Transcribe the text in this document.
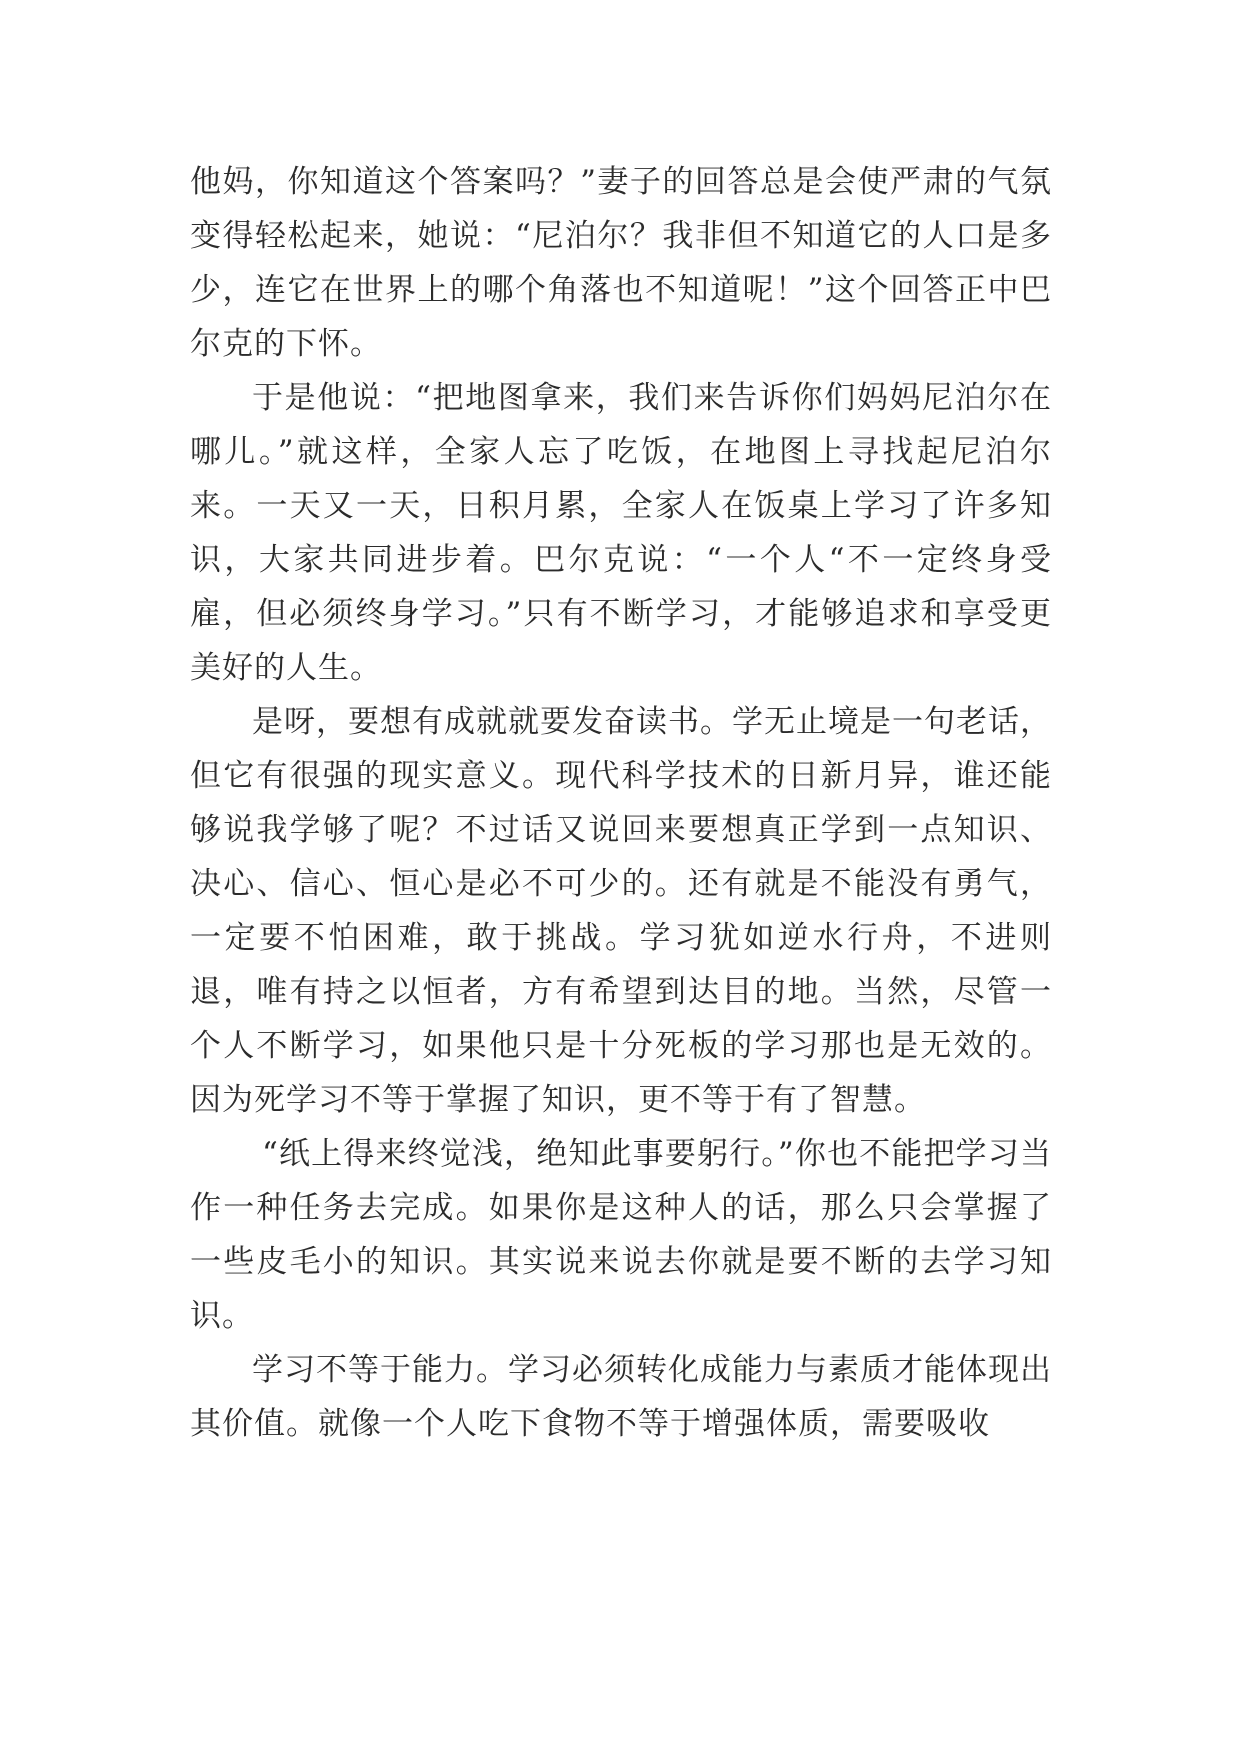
他妈，你知道这个答案吗？”妻子的回答总是会使严肃的气氛变得轻松起来，她说：“尼泊尔？我非但不知道它的人口是多少，连它在世界上的哪个角落也不知道呢！”这个回答正中巴尔克的下怀。

于是他说：“把地图拿来，我们来告诉你们妈妈尼泊尔在哪儿。”就这样，全家人忘了吃饭，在地图上寻找起尼泊尔来。一天又一天，日积月累，全家人在饭桌上学习了许多知识，大家共同进步着。巴尔克说：“一个人“不一定终身受雇，但必须终身学习。”只有不断学习，才能够追求和享受更美好的人生。

是呀，要想有成就就要发奋读书。学无止境是一句老话，但它有很强的现实意义。现代科学技术的日新月异，谁还能够说我学够了呢？不过话又说回来要想真正学到一点知识、决心、信心、恒心是必不可少的。还有就是不能没有勇气，一定要不怕困难，敢于挑战。学习犹如逆水行舟，不进则退，唯有持之以恒者，方有希望到达目的地。当然，尽管一个人不断学习，如果他只是十分死板的学习那也是无效的。因为死学习不等于掌握了知识，更不等于有了智慧。

“纸上得来终觉浅，绝知此事要躬行。”你也不能把学习当作一种任务去完成。如果你是这种人的话，那么只会掌握了一些皮毛小的知识。其实说来说去你就是要不断的去学习知识。

学习不等于能力。学习必须转化成能力与素质才能体现出其价值。就像一个人吃下食物不等于增强体质，需要吸收
